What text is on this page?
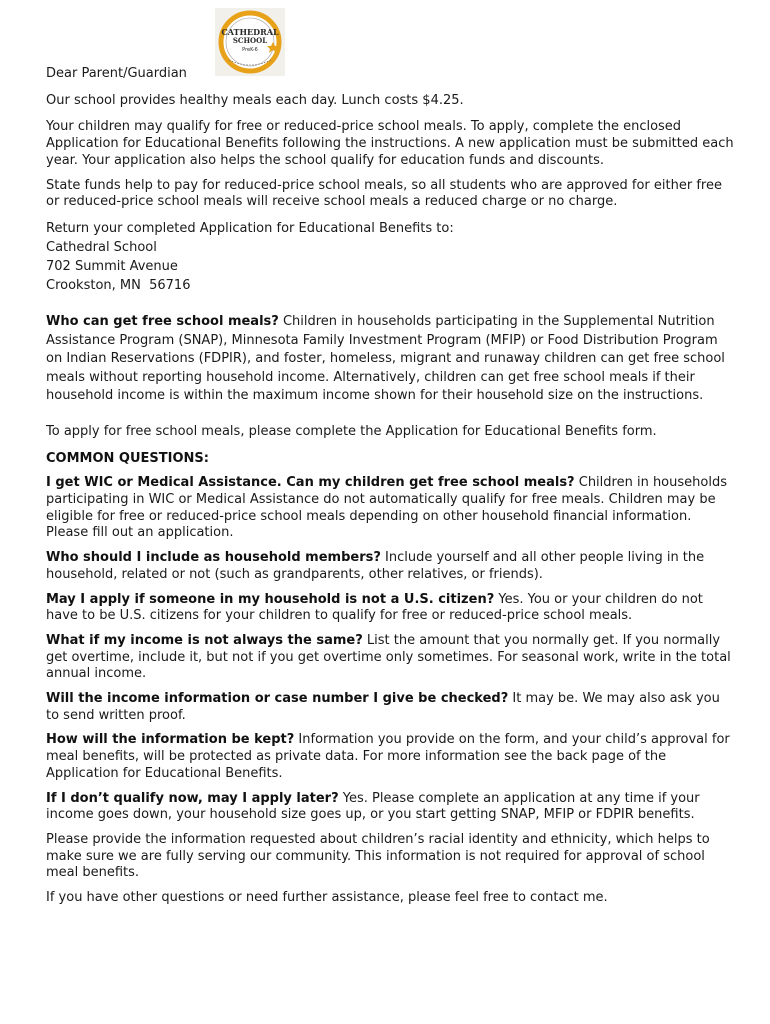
CATHEDRAL
SCHOOL
PreK-6

Dear Parent/Guardian

Our school provides healthy meals each day. Lunch costs $4.25.

Your children may qualify for free or reduced-price school meals. To apply, complete the enclosed Application for Educational Benefits following the instructions. A new application must be submitted each year. Your application also helps the school qualify for education funds and discounts.

State funds help to pay for reduced-price school meals, so all students who are approved for either free or reduced-price school meals will receive school meals a reduced charge or no charge.

Return your completed Application for Educational Benefits to:

Cathedral School

702 Summit Avenue

Crookston, MN  56716

Who can get free school meals? Children in households participating in the Supplemental Nutrition Assistance Program (SNAP), Minnesota Family Investment Program (MFIP) or Food Distribution Program on Indian Reservations (FDPIR), and foster, homeless, migrant and runaway children can get free school meals without reporting household income. Alternatively, children can get free school meals if their household income is within the maximum income shown for their household size on the instructions.

To apply for free school meals, please complete the Application for Educational Benefits form.

COMMON QUESTIONS:

I get WIC or Medical Assistance. Can my children get free school meals? Children in households participating in WIC or Medical Assistance do not automatically qualify for free meals. Children may be eligible for free or reduced-price school meals depending on other household financial information. Please fill out an application.

Who should I include as household members? Include yourself and all other people living in the household, related or not (such as grandparents, other relatives, or friends).

May I apply if someone in my household is not a U.S. citizen? Yes. You or your children do not have to be U.S. citizens for your children to qualify for free or reduced-price school meals.

What if my income is not always the same? List the amount that you normally get. If you normally get overtime, include it, but not if you get overtime only sometimes. For seasonal work, write in the total annual income.

Will the income information or case number I give be checked? It may be. We may also ask you to send written proof.

How will the information be kept? Information you provide on the form, and your child’s approval for meal benefits, will be protected as private data. For more information see the back page of the Application for Educational Benefits.

If I don’t qualify now, may I apply later? Yes. Please complete an application at any time if your income goes down, your household size goes up, or you start getting SNAP, MFIP or FDPIR benefits.

Please provide the information requested about children’s racial identity and ethnicity, which helps to make sure we are fully serving our community. This information is not required for approval of school meal benefits.

If you have other questions or need further assistance, please feel free to contact me.
